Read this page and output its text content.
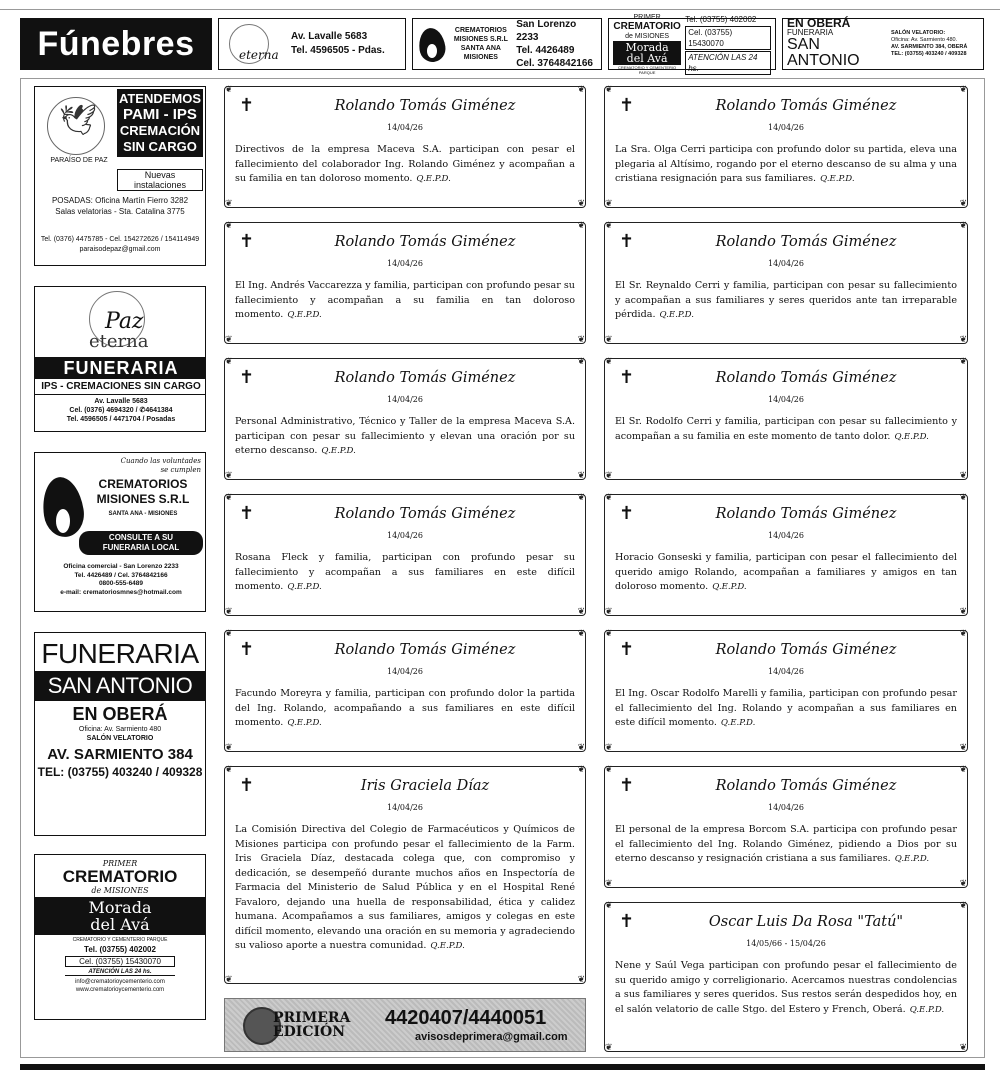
Fúnebres	eterna
Av. Lavalle 5683
Tel. 4596505 - Pdas.
CREMATORIOS
MISIONES S.R.L
SANTA ANA
MISIONES
San Lorenzo 2233
Tel. 4426489
Cel. 3764842166
PRIMER
CREMATORIO
de MISIONES
Morada
del Avá
CREMATORIO Y CEMENTERIO PARQUE
Tel. (03755) 402002
Cel. (03755) 15430070
ATENCIÓN LAS 24 hs.
EN OBERÁ
FUNERARIA
SAN ANTONIO
SALÓN VELATORIO:
Oficina: Av. Sarmiento 480.
AV. SARMIENTO 384, OBERÁ
TEL: (03755) 403240 / 409328
🕊
PARAÍSO DE PAZ
ATENDEMOS
PAMI - IPS
CREMACIÓN
SIN CARGO
Nuevas instalaciones
POSADAS: Oficina Martín Fierro 3282
Salas velatorias - Sta. Catalina 3775
Tel. (0376) 4475785 - Cel. 154272626 / 154114949
paraisodepaz@gmail.com
Paz
eterna
FUNERARIA
IPS - CREMACIONES SIN CARGO
Av. Lavalle 5683
Cel. (0376) 4694320 / ✆4641384
Tel. 4596505 / 4471704 / Posadas
Cuando las voluntades
se cumplen
CREMATORIOS
MISIONES S.R.L
SANTA ANA - MISIONES
CONSULTE A SU
FUNERARIA LOCAL
Oficina comercial - San Lorenzo 2233
Tel. 4426489 / Cel. 3764842166
0800-555-6489
e-mail: crematoriosmnes@hotmail.com
FUNERARIA
SAN ANTONIO
EN OBERÁ
Oficina: Av. Sarmiento 480
SALÓN VELATORIO
AV. SARMIENTO 384
TEL: (03755) 403240 / 409328
PRIMER
CREMATORIO
de MISIONES
Morada
del Avá
CREMATORIO Y CEMENTERIO PARQUE
Tel. (03755) 402002
Cel. (03755) 15430070
ATENCIÓN LAS 24 hs.
info@crematorioycementerio.com
www.crematorioycementerio.com
PRIMERA
EDICIÓN
4420407/4440051
avisosdeprimera@gmail.com
❦	❦
❦	❦
✝	Rolando Tomás Giménez
14/04/26
Directivos de la empresa Maceva S.A. participan con pesar el fallecimiento del colaborador Ing. Rolando Giménez y acompañan a su familia en tan doloroso momento. Q.E.P.D.
❦	❦
❦	❦
✝	Rolando Tomás Giménez
14/04/26
El Ing. Andrés Vaccarezza y familia, participan con profundo pesar su fallecimiento y acompañan a su familia en tan doloroso momento. Q.E.P.D.
❦	❦
❦	❦
✝	Rolando Tomás Giménez
14/04/26
Personal Administrativo, Técnico y Taller de la empresa Maceva S.A. participan con pesar su fallecimiento y elevan una oración por su eterno descanso. Q.E.P.D.
❦	❦
❦	❦
✝	Rolando Tomás Giménez
14/04/26
Rosana Fleck y familia, participan con profundo pesar su fallecimiento y acompañan a sus familiares en este difícil momento. Q.E.P.D.
❦	❦
❦	❦
✝	Rolando Tomás Giménez
14/04/26
Facundo Moreyra y familia, participan con profundo dolor la partida del Ing. Rolando, acompañando a sus familiares en este difícil momento. Q.E.P.D.
❦	❦
❦	❦
✝	Iris Graciela Díaz
14/04/26
La Comisión Directiva del Colegio de Farmacéuticos y Químicos de Misiones participa con profundo pesar el fallecimiento de la Farm. Iris Graciela Díaz, destacada colega que, con compromiso y dedicación, se desempeñó durante muchos años en Inspectoría de Farmacia del Ministerio de Salud Pública y en el Hospital René Favaloro, dejando una huella de responsabilidad, ética y calidez humana. Acompañamos a sus familiares, amigos y colegas en este difícil momento, elevando una oración en su memoria y agradeciendo su valioso aporte a nuestra comunidad. Q.E.P.D.
❦	❦
❦	❦
✝	Rolando Tomás Giménez
14/04/26
La Sra. Olga Cerri participa con profundo dolor su partida, eleva una plegaria al Altísimo, rogando por el eterno descanso de su alma y una cristiana resignación para sus familiares. Q.E.P.D.
❦	❦
❦	❦
✝	Rolando Tomás Giménez
14/04/26
El Sr. Reynaldo Cerri y familia, participan con pesar su fallecimiento y acompañan a sus familiares y seres queridos ante tan irreparable pérdida. Q.E.P.D.
❦	❦
❦	❦
✝	Rolando Tomás Giménez
14/04/26
El Sr. Rodolfo Cerri y familia, participan con pesar su fallecimiento y acompañan a su familia en este momento de tanto dolor. Q.E.P.D.
❦	❦
❦	❦
✝	Rolando Tomás Giménez
14/04/26
Horacio Gonseski y familia, participan con pesar el fallecimiento del querido amigo Rolando, acompañan a familiares y amigos en tan doloroso momento. Q.E.P.D.
❦	❦
❦	❦
✝	Rolando Tomás Giménez
14/04/26
El Ing. Oscar Rodolfo Marelli y familia, participan con profundo pesar el fallecimiento del Ing. Rolando y acompañan a sus familiares en este difícil momento. Q.E.P.D.
❦	❦
❦	❦
✝	Rolando Tomás Giménez
14/04/26
El personal de la empresa Borcom S.A. participa con profundo pesar el fallecimiento del Ing. Rolando Giménez, pidiendo a Dios por su eterno descanso y resignación cristiana a sus familiares. Q.E.P.D.
❦	❦
❦	❦
✝	Oscar Luis Da Rosa "Tatú"
14/05/66 - 15/04/26
Nene y Saúl Vega participan con profundo pesar el fallecimiento de su querido amigo y correligionario. Acercamos nuestras condolencias a sus familiares y seres queridos. Sus restos serán despedidos hoy, en el salón velatorio de calle Stgo. del Estero y French, Oberá. Q.E.P.D.
